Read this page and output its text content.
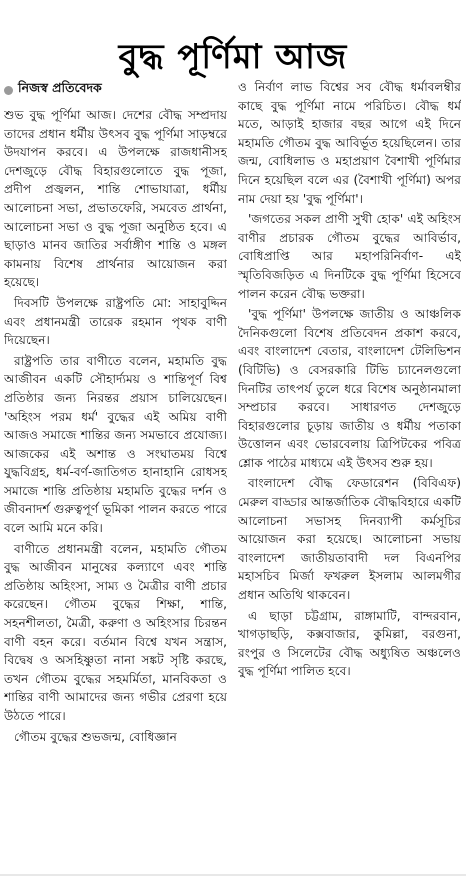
বুদ্ধ পূর্ণিমা আজ
নিজস্ব প্রতিবেদক

শুভ বুদ্ধ পূর্ণিমা আজ। দেশের বৌদ্ধ সম্প্রদায় তাদের প্রধান ধর্মীয় উৎসব বুদ্ধ পূর্ণিমা সাড়ম্বরে উদযাপন করবে। এ উপলক্ষে রাজধানীসহ দেশজুড়ে বৌদ্ধ বিহারগুলোতে বুদ্ধ পূজা, প্রদীপ প্রজ্বলন, শান্তি শোভাযাত্রা, ধর্মীয় আলোচনা সভা, প্রভাতফেরি, সমবেত প্রার্থনা, আলোচনা সভা ও বুদ্ধ পূজা অনুষ্ঠিত হবে। এ ছাড়াও মানব জাতির সর্বাঙ্গীণ শান্তি ও মঙ্গল কামনায় বিশেষ প্রার্থনার আয়োজন করা হয়েছে।

দিবসটি উপলক্ষে রাষ্ট্রপতি মো: সাহাবুদ্দিন এবং প্রধানমন্ত্রী তারেক রহমান পৃথক বাণী দিয়েছেন।

রাষ্ট্রপতি তার বাণীতে বলেন, মহামতি বুদ্ধ আজীবন একটি সৌহার্দ্যময় ও শান্তিপূর্ণ বিশ্ব প্রতিষ্ঠার জন্য নিরন্তর প্রয়াস চালিয়েছেন। 'অহিংস পরম ধর্ম' বুদ্ধের এই অমিয় বাণী আজও সমাজে শান্তির জন্য সমভাবে প্রযোজ্য। আজকের এই অশান্ত ও সংঘাতময় বিশ্বে যুদ্ধবিগ্রহ, ধর্ম-বর্ণ-জাতিগত হানাহানি রোধসহ সমাজে শান্তি প্রতিষ্ঠায় মহামতি বুদ্ধের দর্শন ও জীবনাদর্শ গুরুত্বপূর্ণ ভূমিকা পালন করতে পারে বলে আমি মনে করি।

বাণীতে প্রধানমন্ত্রী বলেন, মহামতি গৌতম বুদ্ধ আজীবন মানুষের কল্যাণে এবং শান্তি প্রতিষ্ঠায় অহিংসা, সাম্য ও মৈত্রীর বাণী প্রচার করেছেন। গৌতম বুদ্ধের শিক্ষা, শান্তি, সহনশীলতা, মৈত্রী, করুণা ও অহিংসার চিরন্তন বাণী বহন করে। বর্তমান বিশ্বে যখন সন্ত্রাস, বিদ্বেষ ও অসহিষ্ণুতা নানা সঙ্কট সৃষ্টি করছে, তখন গৌতম বুদ্ধের সহমর্মিতা, মানবিকতা ও শান্তির বাণী আমাদের জন্য গভীর প্রেরণা হয়ে উঠতে পারে।

গৌতম বুদ্ধের শুভজন্ম, বোধিজ্ঞান

ও নির্বাণ লাভ বিশ্বের সব বৌদ্ধ ধর্মাবলম্বীর কাছে বুদ্ধ পূর্ণিমা নামে পরিচিত। বৌদ্ধ ধর্ম মতে, আড়াই হাজার বছর আগে এই দিনে মহামতি গৌতম বুদ্ধ আবির্ভূত হয়েছিলেন। তার জন্ম, বোধিলাভ ও মহাপ্রয়াণ বৈশাখী পূর্ণিমার দিনে হয়েছিল বলে এর (বৈশাখী পূর্ণিমা) অপর নাম দেয়া হয় 'বুদ্ধ পূর্ণিমা'।

'জগতের সকল প্রাণী সুখী হোক' এই অহিংস বাণীর প্রচারক গৌতম বুদ্ধের আবির্ভাব, বোধিপ্রাপ্তি আর মহাপরিনির্বাণ- এই স্মৃতিবিজড়িত এ দিনটিকে বুদ্ধ পূর্ণিমা হিসেবে পালন করেন বৌদ্ধ ভক্তরা।

'বুদ্ধ পূর্ণিমা' উপলক্ষে জাতীয় ও আঞ্চলিক দৈনিকগুলো বিশেষ প্রতিবেদন প্রকাশ করবে, এবং বাংলাদেশ বেতার, বাংলাদেশ টেলিভিশন (বিটিভি) ও বেসরকারি টিভি চ্যানেলগুলো দিনটির তাৎপর্য তুলে ধরে বিশেষ অনুষ্ঠানমালা সম্প্রচার করবে। সাধারণত দেশজুড়ে বিহারগুলোর চূড়ায় জাতীয় ও ধর্মীয় পতাকা উত্তোলন এবং ভোরবেলায় ত্রিপিটকের পবিত্র শ্লোক পাঠের মাধ্যমে এই উৎসব শুরু হয়।

বাংলাদেশ বৌদ্ধ ফেডারেশন (বিবিএফ) মেরুল বাড্ডার আন্তর্জাতিক বৌদ্ধবিহারে একটি আলোচনা সভাসহ দিনব্যাপী কর্মসূচির আয়োজন করা হয়েছে। আলোচনা সভায় বাংলাদেশ জাতীয়তাবাদী দল বিএনপির মহাসচিব মির্জা ফখরুল ইসলাম আলমগীর প্রধান অতিথি থাকবেন।

এ ছাড়া চট্টগ্রাম, রাঙ্গামাটি, বান্দরবান, খাগড়াছড়ি, কক্সবাজার, কুমিল্লা, বরগুনা, রংপুর ও সিলেটের বৌদ্ধ অধ্যুষিত অঞ্চলেও বুদ্ধ পূর্ণিমা পালিত হবে।
